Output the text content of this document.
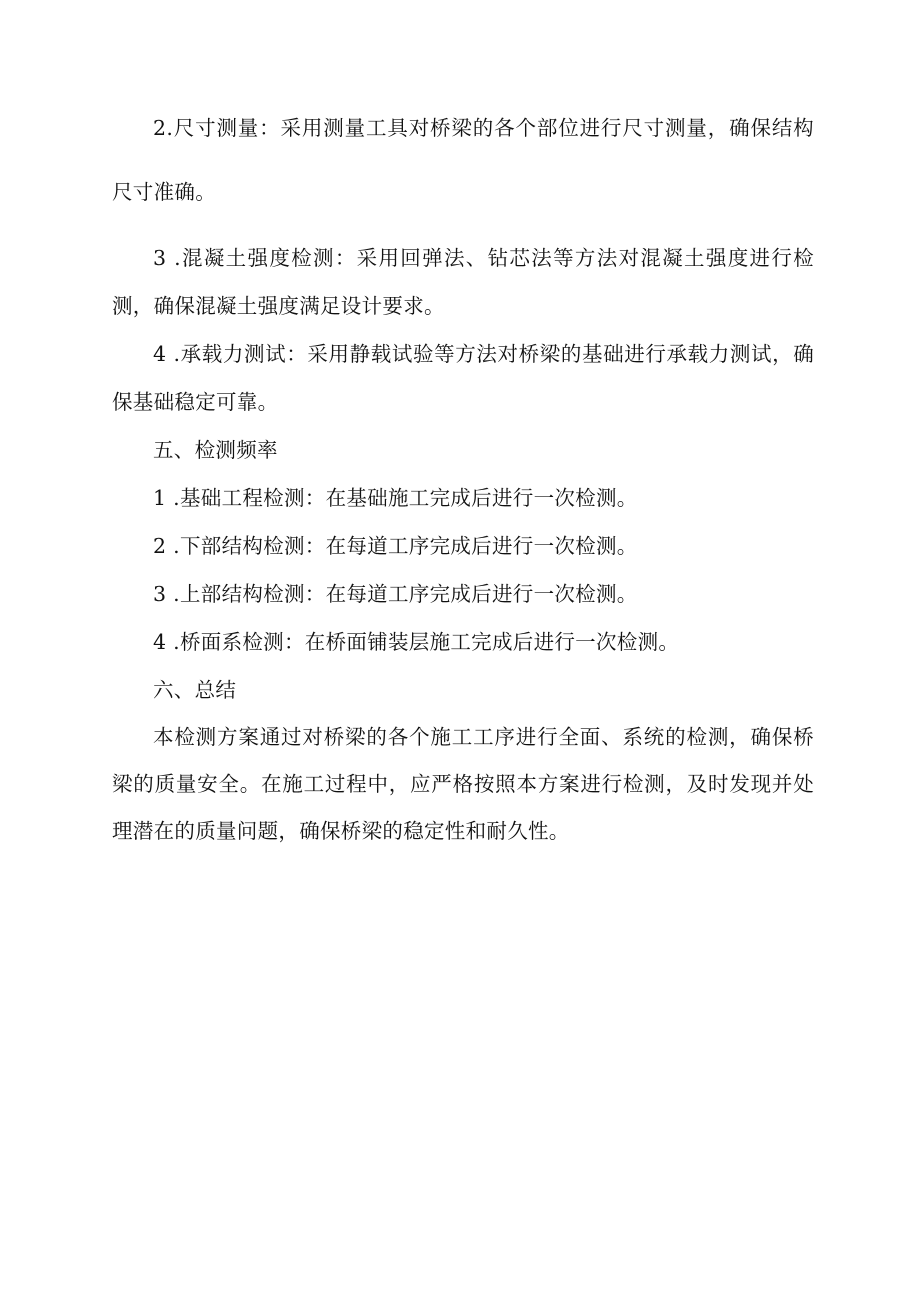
2.尺寸测量：采用测量工具对桥梁的各个部位进行尺寸测量，确保结构尺寸准确。

3 .混凝土强度检测：采用回弹法、钻芯法等方法对混凝土强度进行检测，确保混凝土强度满足设计要求。

4 .承载力测试：采用静载试验等方法对桥梁的基础进行承载力测试，确保基础稳定可靠。

五、检测频率

1 .基础工程检测：在基础施工完成后进行一次检测。

2 .下部结构检测：在每道工序完成后进行一次检测。

3 .上部结构检测：在每道工序完成后进行一次检测。

4 .桥面系检测：在桥面铺装层施工完成后进行一次检测。

六、总结

本检测方案通过对桥梁的各个施工工序进行全面、系统的检测，确保桥梁的质量安全。在施工过程中，应严格按照本方案进行检测，及时发现并处理潜在的质量问题，确保桥梁的稳定性和耐久性。
